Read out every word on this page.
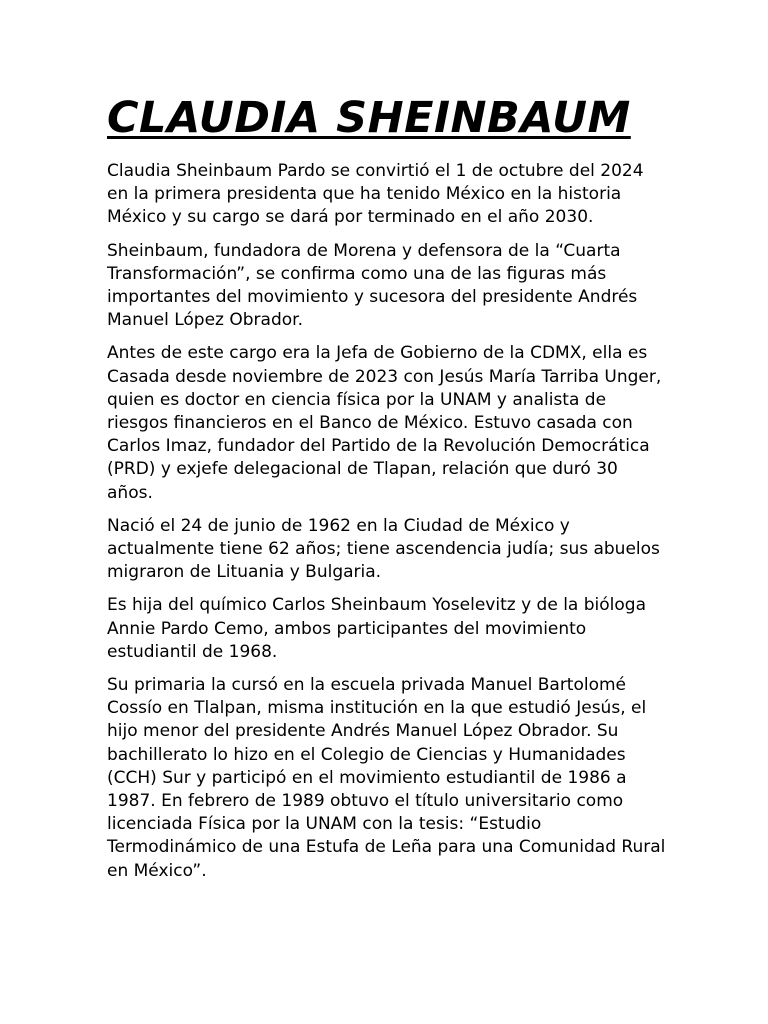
CLAUDIA SHEINBAUM

Claudia Sheinbaum Pardo se convirtió el 1 de octubre del 2024 en la primera presidenta que ha tenido México en la historia México y su cargo se dará por terminado en el año 2030.

Sheinbaum, fundadora de Morena y defensora de la “Cuarta Transformación”, se confirma como una de las figuras más importantes del movimiento y sucesora del presidente Andrés Manuel López Obrador.

Antes de este cargo era la Jefa de Gobierno de la CDMX, ella es Casada desde noviembre de 2023 con Jesús María Tarriba Unger, quien es doctor en ciencia física por la UNAM y analista de riesgos financieros en el Banco de México. Estuvo casada con Carlos Imaz, fundador del Partido de la Revolución Democrática (PRD) y exjefe delegacional de Tlapan, relación que duró 30 años.

Nació el 24 de junio de 1962 en la Ciudad de México y actualmente tiene 62 años; tiene ascendencia judía; sus abuelos migraron de Lituania y Bulgaria.

Es hija del químico Carlos Sheinbaum Yoselevitz y de la bióloga Annie Pardo Cemo, ambos participantes del movimiento estudiantil de 1968.

Su primaria la cursó en la escuela privada Manuel Bartolomé Cossío en Tlalpan, misma institución en la que estudió Jesús, el hijo menor del presidente Andrés Manuel López Obrador. Su bachillerato lo hizo en el Colegio de Ciencias y Humanidades (CCH) Sur y participó en el movimiento estudiantil de 1986 a 1987. En febrero de 1989 obtuvo el título universitario como licenciada Física por la UNAM con la tesis: “Estudio Termodinámico de una Estufa de Leña para una Comunidad Rural en México”.
